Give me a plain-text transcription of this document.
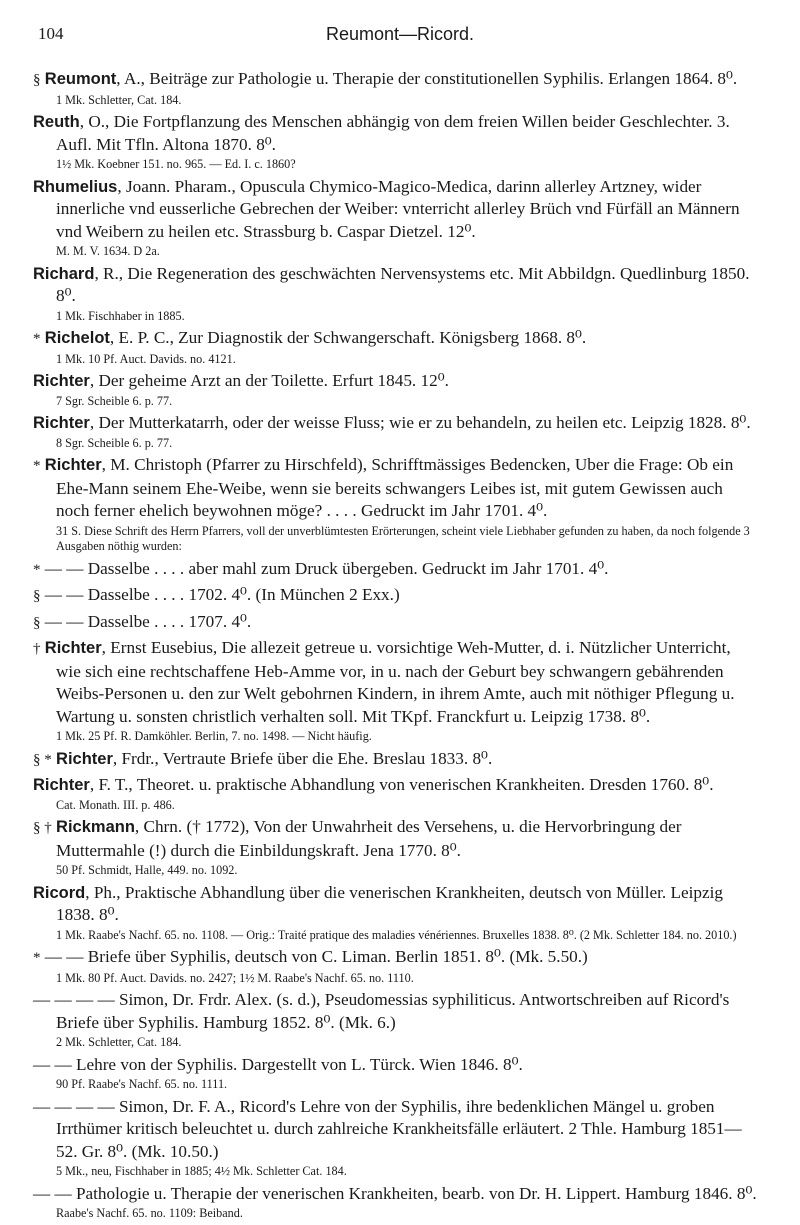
104	Reumont—Ricord.
§ Reumont, A., Beiträge zur Pathologie u. Therapie der constitutionellen Syphilis. Erlangen 1864. 8⁰.
1 Mk. Schletter, Cat. 184.
Reuth, O., Die Fortpflanzung des Menschen abhängig von dem freien Willen beider Geschlechter. 3. Aufl. Mit Tfln. Altona 1870. 8⁰.
1½ Mk. Koebner 151. no. 965. — Ed. I. c. 1860?
Rhumelius, Joann. Pharam., Opuscula Chymico-Magico-Medica, darinn allerley Artzney, wider innerliche vnd eusserliche Gebrechen der Weiber: vnterricht allerley Brüch vnd Fürfäll an Männern vnd Weibern zu heilen etc. Strassburg b. Caspar Dietzel. 12⁰.
M. M. V. 1634. D 2a.
Richard, R., Die Regeneration des geschwächten Nervensystems etc. Mit Abbildgn. Quedlinburg 1850. 8⁰.
1 Mk. Fischhaber in 1885.
* Richelot, E. P. C., Zur Diagnostik der Schwangerschaft. Königsberg 1868. 8⁰.
1 Mk. 10 Pf. Auct. Davids. no. 4121.
Richter, Der geheime Arzt an der Toilette. Erfurt 1845. 12⁰.
7 Sgr. Scheible 6. p. 77.
Richter, Der Mutterkatarrh, oder der weisse Fluss; wie er zu behandeln, zu heilen etc. Leipzig 1828. 8⁰.
8 Sgr. Scheible 6. p. 77.
* Richter, M. Christoph (Pfarrer zu Hirschfeld), Schrifftmässiges Bedencken, Uber die Frage: Ob ein Ehe-Mann seinem Ehe-Weibe, wenn sie bereits schwangers Leibes ist, mit gutem Gewissen auch noch ferner ehelich beywohnen möge? . . . . Gedruckt im Jahr 1701. 4⁰.
31 S. Diese Schrift des Herrn Pfarrers, voll der unverblümtesten Erörterungen, scheint viele Liebhaber gefunden zu haben, da noch folgende 3 Ausgaben nöthig wurden:
* — — Dasselbe . . . . aber mahl zum Druck übergeben. Gedruckt im Jahr 1701. 4⁰.
§ — — Dasselbe . . . . 1702. 4⁰. (In München 2 Exx.)
§ — — Dasselbe . . . . 1707. 4⁰.
† Richter, Ernst Eusebius, Die allezeit getreue u. vorsichtige Weh-Mutter, d. i. Nützlicher Unterricht, wie sich eine rechtschaffene Heb-Amme vor, in u. nach der Geburt bey schwangern gebährenden Weibs-Personen u. den zur Welt gebohrnen Kindern, in ihrem Amte, auch mit nöthiger Pflegung u. Wartung u. sonsten christlich verhalten soll. Mit TKpf. Franckfurt u. Leipzig 1738. 8⁰.
1 Mk. 25 Pf. R. Damköhler. Berlin, 7. no. 1498. — Nicht häufig.
§ * Richter, Frdr., Vertraute Briefe über die Ehe. Breslau 1833. 8⁰.
Richter, F. T., Theoret. u. praktische Abhandlung von venerischen Krankheiten. Dresden 1760. 8⁰.
Cat. Monath. III. p. 486.
§ † Rickmann, Chrn. († 1772), Von der Unwahrheit des Versehens, u. die Hervorbringung der Muttermahle (!) durch die Einbildungskraft. Jena 1770. 8⁰.
50 Pf. Schmidt, Halle, 449. no. 1092.
Ricord, Ph., Praktische Abhandlung über die venerischen Krankheiten, deutsch von Müller. Leipzig 1838. 8⁰.
1 Mk. Raabe's Nachf. 65. no. 1108. — Orig.: Traité pratique des maladies vénériennes. Bruxelles 1838. 8⁰. (2 Mk. Schletter 184. no. 2010.)
* — — Briefe über Syphilis, deutsch von C. Liman. Berlin 1851. 8⁰. (Mk. 5.50.)
1 Mk. 80 Pf. Auct. Davids. no. 2427; 1½ M. Raabe's Nachf. 65. no. 1110.
— — — — Simon, Dr. Frdr. Alex. (s. d.), Pseudomessias syphiliticus. Antwortschreiben auf Ricord's Briefe über Syphilis. Hamburg 1852. 8⁰. (Mk. 6.)
2 Mk. Schletter, Cat. 184.
— — Lehre von der Syphilis. Dargestellt von L. Türck. Wien 1846. 8⁰.
90 Pf. Raabe's Nachf. 65. no. 1111.
— — — — Simon, Dr. F. A., Ricord's Lehre von der Syphilis, ihre bedenklichen Mängel u. groben Irrthümer kritisch beleuchtet u. durch zahlreiche Krankheitsfälle erläutert. 2 Thle. Hamburg 1851—52. Gr. 8⁰. (Mk. 10.50.)
5 Mk., neu, Fischhaber in 1885; 4½ Mk. Schletter Cat. 184.
— — Pathologie u. Therapie der venerischen Krankheiten, bearb. von Dr. H. Lippert. Hamburg 1846. 8⁰.
Raabe's Nachf. 65. no. 1109: Beiband.
